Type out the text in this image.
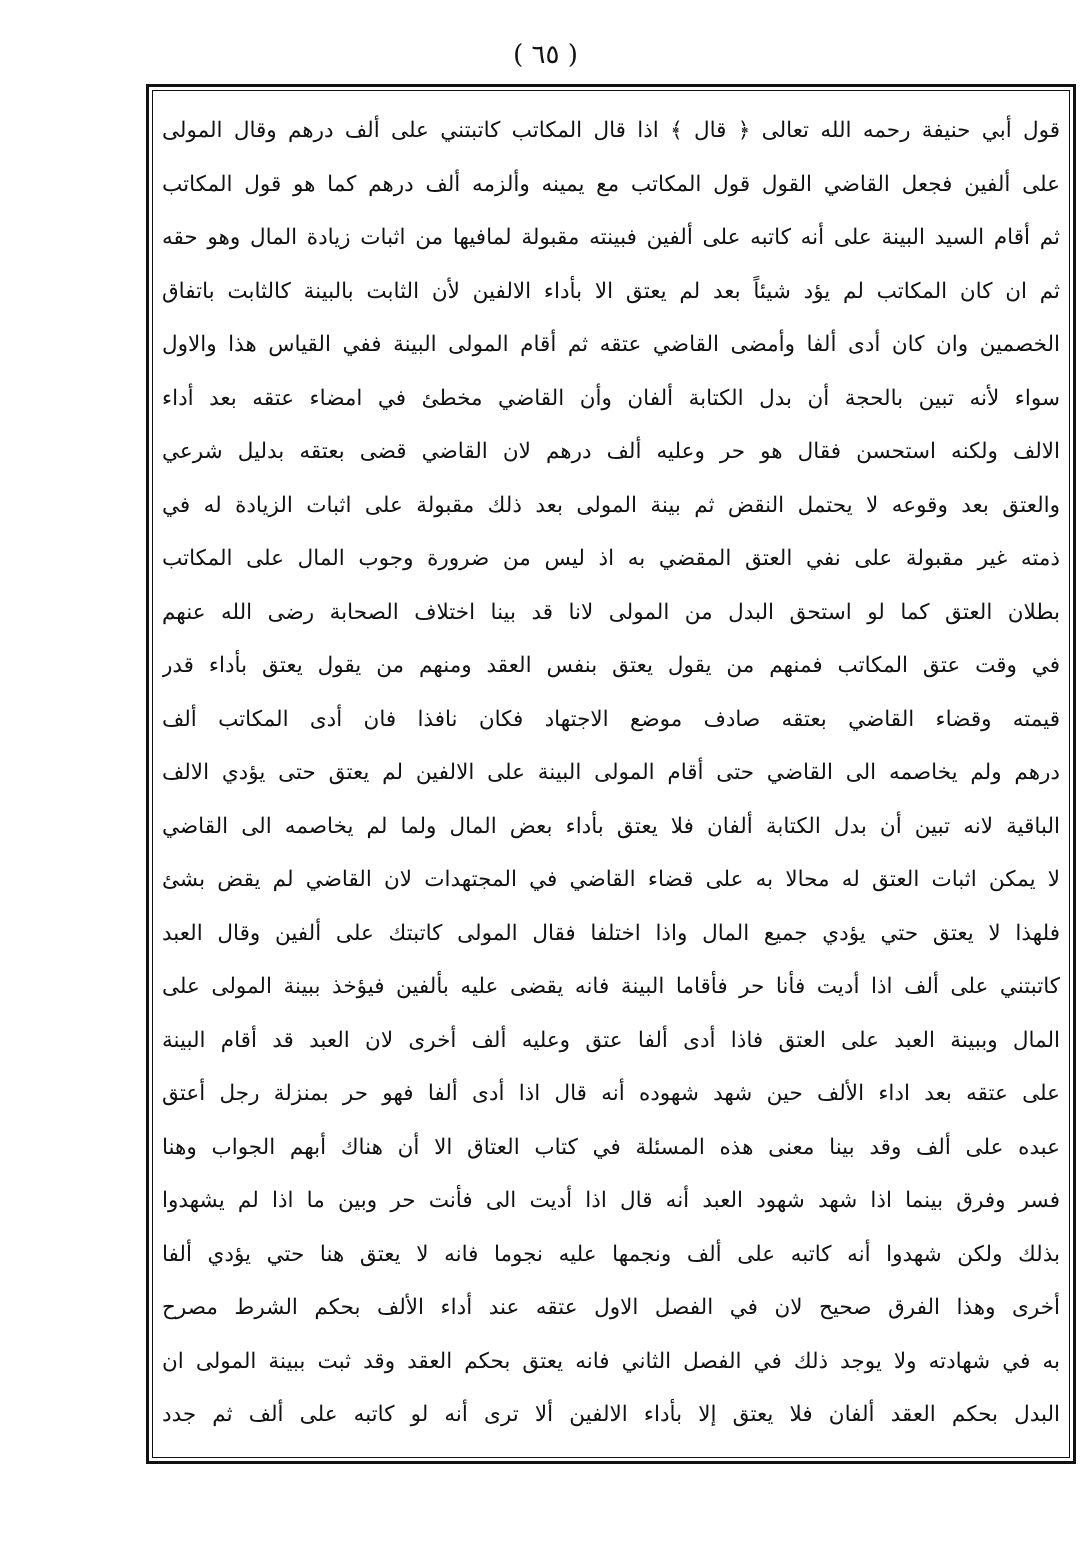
( ٦٥ )
قول أبي حنيفة رحمه الله تعالى ﴿ قال ﴾ اذا قال المكاتب كاتبتني على ألف درهم وقال المولى
على ألفين فجعل القاضي القول قول المكاتب مع يمينه وألزمه ألف درهم كما هو قول المكاتب
ثم أقام السيد البينة على أنه كاتبه على ألفين فبينته مقبولة لمافيها من اثبات زيادة المال وهو حقه
ثم ان كان المكاتب لم يؤد شيئاً بعد لم يعتق الا بأداء الالفين لأن الثابت بالبينة كالثابت باتفاق
الخصمين وان كان أدى ألفا وأمضى القاضي عتقه ثم أقام المولى البينة ففي القياس هذا والاول
سواء لأنه تبين بالحجة أن بدل الكتابة ألفان وأن القاضي مخطئ في امضاء عتقه بعد أداء
الالف ولكنه استحسن فقال هو حر وعليه ألف درهم لان القاضي قضى بعتقه بدليل شرعي
والعتق بعد وقوعه لا يحتمل النقض ثم بينة المولى بعد ذلك مقبولة على اثبات الزيادة له في
ذمته غير مقبولة على نفي العتق المقضي به اذ ليس من ضرورة وجوب المال على المكاتب
بطلان العتق كما لو استحق البدل من المولى لانا قد بينا اختلاف الصحابة رضى الله عنهم
في وقت عتق المكاتب فمنهم من يقول يعتق بنفس العقد ومنهم من يقول يعتق بأداء قدر
قيمته وقضاء القاضي بعتقه صادف موضع الاجتهاد فكان نافذا فان أدى المكاتب ألف
درهم ولم يخاصمه الى القاضي حتى أقام المولى البينة على الالفين لم يعتق حتى يؤدي الالف
الباقية لانه تبين أن بدل الكتابة ألفان فلا يعتق بأداء بعض المال ولما لم يخاصمه الى القاضي
لا يمكن اثبات العتق له محالا به على قضاء القاضي في المجتهدات لان القاضي لم يقض بشئ
فلهذا لا يعتق حتي يؤدي جميع المال واذا اختلفا فقال المولى كاتبتك على ألفين وقال العبد
كاتبتني على ألف اذا أديت فأنا حر فأقاما البينة فانه يقضى عليه بألفين فيؤخذ ببينة المولى على
المال وببينة العبد على العتق فاذا أدى ألفا عتق وعليه ألف أخرى لان العبد قد أقام البينة
على عتقه بعد اداء الألف حين شهد شهوده أنه قال اذا أدى ألفا فهو حر بمنزلة رجل أعتق
عبده على ألف وقد بينا معنى هذه المسئلة في كتاب العتاق الا أن هناك أبهم الجواب وهنا
فسر وفرق بينما اذا شهد شهود العبد أنه قال اذا أديت الى فأنت حر وبين ما اذا لم يشهدوا
بذلك ولكن شهدوا أنه كاتبه على ألف ونجمها عليه نجوما فانه لا يعتق هنا حتي يؤدي ألفا
أخرى وهذا الفرق صحيح لان في الفصل الاول عتقه عند أداء الألف بحكم الشرط مصرح
به في شهادته ولا يوجد ذلك في الفصل الثاني فانه يعتق بحكم العقد وقد ثبت ببينة المولى ان
البدل بحكم العقد ألفان فلا يعتق إلا بأداء الالفين ألا ترى أنه لو كاتبه على ألف ثم جدد
